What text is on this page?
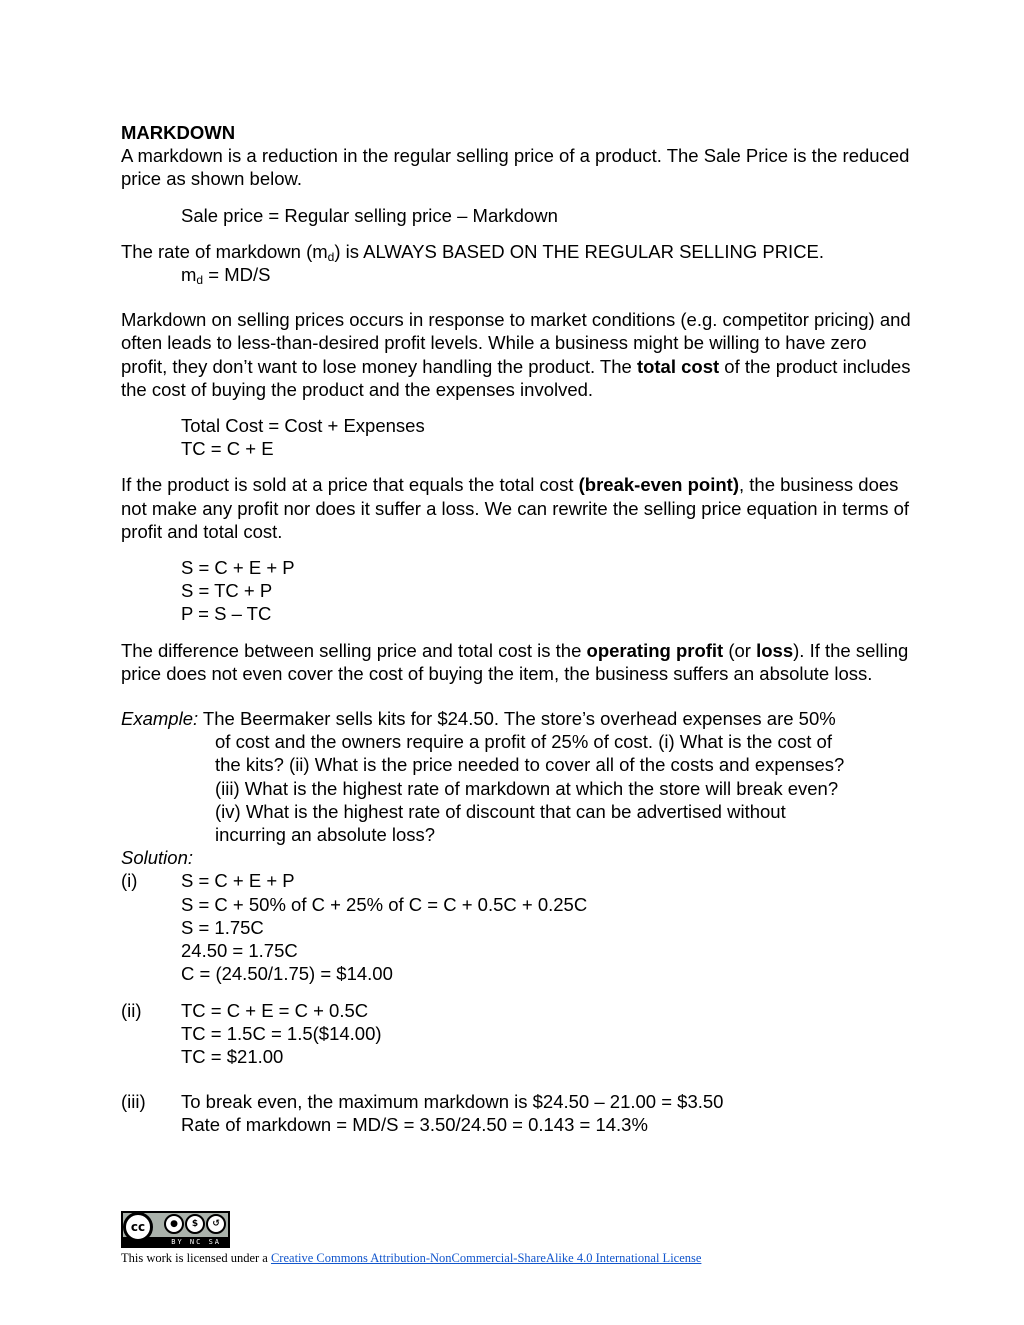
MARKDOWN

A markdown is a reduction in the regular selling price of a product. The Sale Price is the reduced price as shown below.

Sale price = Regular selling price – Markdown

The rate of markdown $(m_d)$ is ALWAYS BASED ON THE REGULAR SELLING PRICE.

$m_d = MD/S$

Markdown on selling prices occurs in response to market conditions (e.g. competitor pricing) and often leads to less-than-desired profit levels. While a business might be willing to have zero profit, they don’t want to lose money handling the product. The total cost of the product includes the cost of buying the product and the expenses involved.

Total Cost = Cost + Expenses

TC = C + E

If the product is sold at a price that equals the total cost (break-even point), the business does not make any profit nor does it suffer a loss. We can rewrite the selling price equation in terms of profit and total cost.

S = C + E + P

S = TC + P

P = S – TC

The difference between selling price and total cost is the operating profit (or loss). If the selling price does not even cover the cost of buying the item, the business suffers an absolute loss.

Example: The Beermaker sells kits for $24.50. The store’s overhead expenses are 50%

of cost and the owners require a profit of 25% of cost. (i) What is the cost of

the kits? (ii) What is the price needed to cover all of the costs and expenses?

(iii) What is the highest rate of markdown at which the store will break even?

(iv) What is the highest rate of discount that can be advertised without

incurring an absolute loss?

Solution:

(i)	S = C + E + P

S = C + 50% of C + 25% of C = C + 0.5C + 0.25C

S = 1.75C

24.50 = 1.75C

C = (24.50/1.75) = $14.00

(ii)	TC = C + E = C + 0.5C

TC = 1.5C = 1.5($14.00)

TC = $21.00

(iii)	To break even, the maximum markdown is $24.50 – 21.00 = $3.50

Rate of markdown = MD/S = 3.50/24.50 = 0.143 = 14.3%

cc	●	$	↺
BY NC SA
This work is licensed under a Creative Commons Attribution-NonCommercial-ShareAlike 4.0 International License
